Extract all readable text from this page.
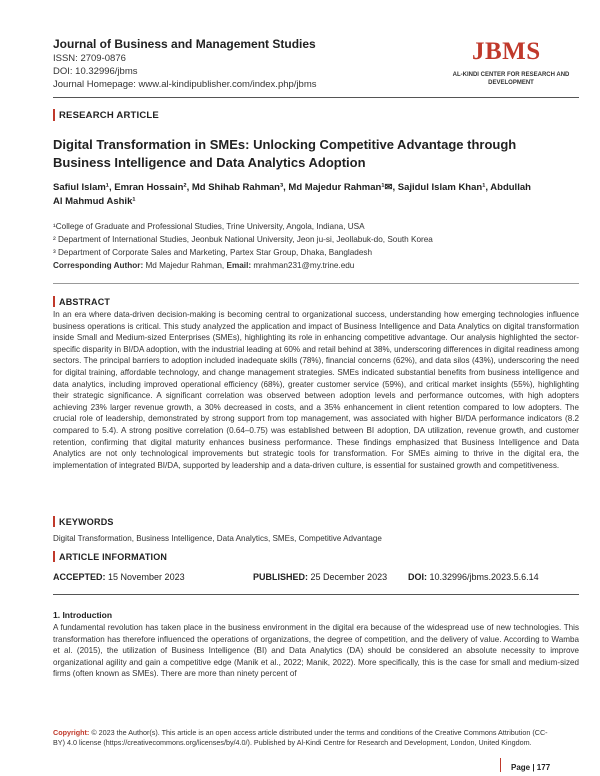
Journal of Business and Management Studies
ISSN: 2709-0876
DOI: 10.32996/jbms
Journal Homepage: www.al-kindipublisher.com/index.php/jbms
JBMS
AL-KINDI CENTER FOR RESEARCH AND DEVELOPMENT
RESEARCH ARTICLE
Digital Transformation in SMEs: Unlocking Competitive Advantage through Business Intelligence and Data Analytics Adoption
Safiul Islam¹, Emran Hossain², Md Shihab Rahman³, Md Majedur Rahman¹✉, Sajidul Islam Khan¹, Abdullah
Al Mahmud Ashik¹
¹College of Graduate and Professional Studies, Trine University, Angola, Indiana, USA
² Department of International Studies, Jeonbuk National University, Jeon ju-si, Jeollabuk-do, South Korea
³ Department of Corporate Sales and Marketing, Partex Star Group, Dhaka, Bangladesh
Corresponding Author: Md Majedur Rahman, Email: mrahman231@my.trine.edu
ABSTRACT
In an era where data-driven decision-making is becoming central to organizational success, understanding how emerging technologies influence business operations is critical. This study analyzed the application and impact of Business Intelligence and Data Analytics on digital transformation inside Small and Medium-sized Enterprises (SMEs), highlighting its role in enhancing competitive advantage. Our analysis highlighted the sector-specific disparity in BI/DA adoption, with the industrial leading at 60% and retail behind at 38%, underscoring differences in digital readiness among sectors. The principal barriers to adoption included inadequate skills (78%), financial concerns (62%), and data silos (43%), underscoring the need for digital training, affordable technology, and change management strategies. SMEs indicated substantial benefits from business intelligence and data analytics, including improved operational efficiency (68%), greater customer service (59%), and critical market insights (55%), highlighting their strategic significance. A significant correlation was observed between adoption levels and performance outcomes, with high adopters achieving 23% larger revenue growth, a 30% decreased in costs, and a 35% enhancement in client retention compared to low adopters. The crucial role of leadership, demonstrated by strong support from top management, was associated with higher BI/DA performance indicators (8.2 compared to 5.4). A strong positive correlation (0.64–0.75) was established between BI adoption, DA utilization, revenue growth, and customer retention, confirming that digital maturity enhances business performance. These findings emphasized that Business Intelligence and Data Analytics are not only technological improvements but strategic tools for transformation. For SMEs aiming to thrive in the digital era, the implementation of integrated BI/DA, supported by leadership and a data-driven culture, is essential for sustained growth and competitiveness.
KEYWORDS
Digital Transformation, Business Intelligence, Data Analytics, SMEs, Competitive Advantage
ARTICLE INFORMATION
ACCEPTED: 15 November 2023	PUBLISHED: 25 December 2023 DOI: 10.32996/jbms.2023.5.6.14
1. Introduction
A fundamental revolution has taken place in the business environment in the digital era because of the widespread use of new technologies. This transformation has therefore influenced the operations of organizations, the degree of competition, and the delivery of value. According to Wamba et al. (2015), the utilization of Business Intelligence (BI) and Data Analytics (DA) should be considered an absolute necessity to improve organizational agility and gain a competitive edge (Manik et al., 2022; Manik, 2022). More specifically, this is the case for small and medium-sized firms (often known as SMEs). There are more than ninety percent of
Copyright: © 2023 the Author(s). This article is an open access article distributed under the terms and conditions of the Creative Commons Attribution (CC-BY) 4.0 license (https://creativecommons.org/licenses/by/4.0/). Published by Al-Kindi Centre for Research and Development, London, United Kingdom.
Page | 177
